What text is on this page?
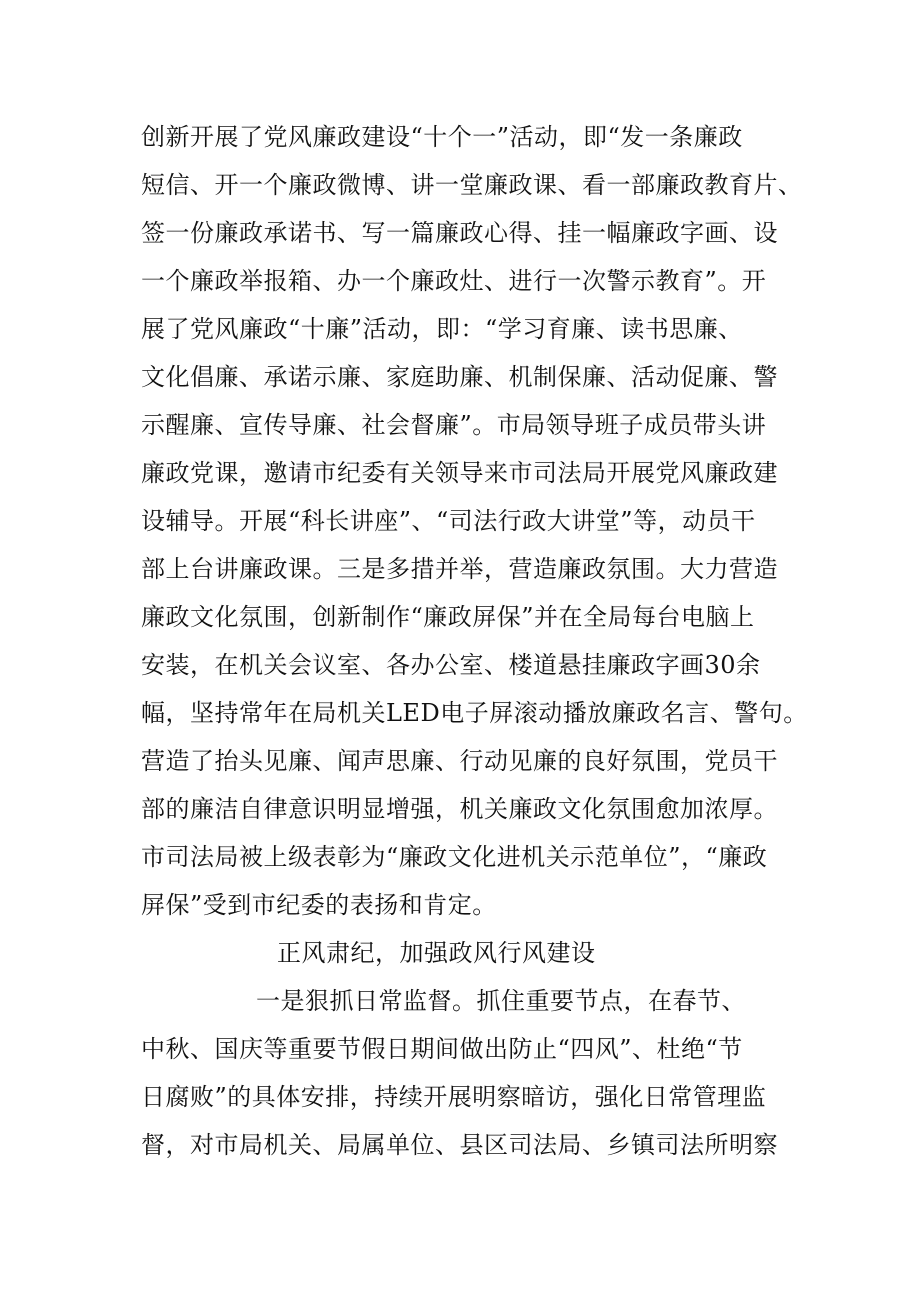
创新开展了党风廉政建设“十个一”活动，即“发一条廉政
短信、开一个廉政微博、讲一堂廉政课、看一部廉政教育片、
签一份廉政承诺书、写一篇廉政心得、挂一幅廉政字画、设
一个廉政举报箱、办一个廉政灶、进行一次警示教育”。开
展了党风廉政“十廉”活动，即：“学习育廉、读书思廉、
文化倡廉、承诺示廉、家庭助廉、机制保廉、活动促廉、警
示醒廉、宣传导廉、社会督廉”。市局领导班子成员带头讲
廉政党课，邀请市纪委有关领导来市司法局开展党风廉政建
设辅导。开展“科长讲座”、“司法行政大讲堂”等，动员干
部上台讲廉政课。三是多措并举，营造廉政氛围。大力营造
廉政文化氛围，创新制作“廉政屏保”并在全局每台电脑上
安装，在机关会议室、各办公室、楼道悬挂廉政字画30余
幅，坚持常年在局机关LED电子屏滚动播放廉政名言、警句。
营造了抬头见廉、闻声思廉、行动见廉的良好氛围，党员干
部的廉洁自律意识明显增强，机关廉政文化氛围愈加浓厚。
市司法局被上级表彰为“廉政文化进机关示范单位”，“廉政
屏保”受到市纪委的表扬和肯定。
正风肃纪，加强政风行风建设
一是狠抓日常监督。抓住重要节点，在春节、
中秋、国庆等重要节假日期间做出防止“四风”、杜绝“节
日腐败”的具体安排，持续开展明察暗访，强化日常管理监
督，对市局机关、局属单位、县区司法局、乡镇司法所明察
